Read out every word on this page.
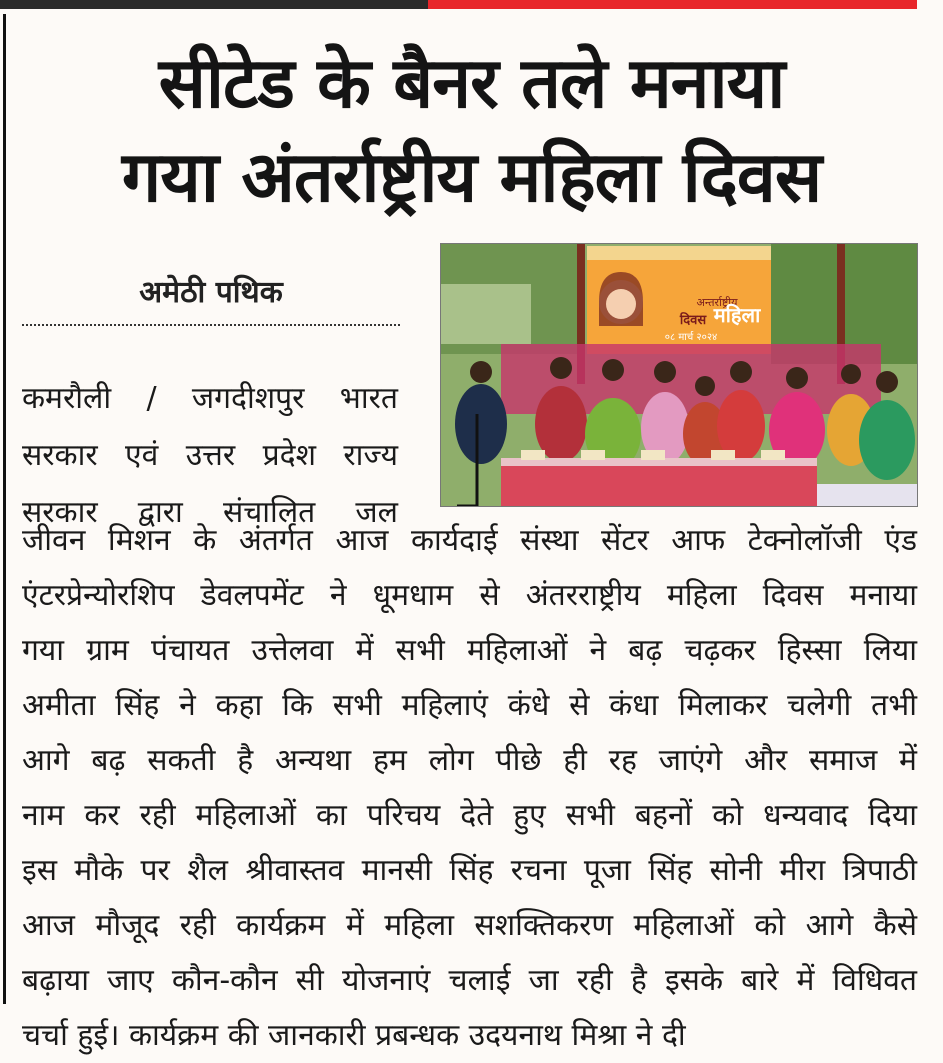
सीटेड के बैनर तले मनाया
गया अंतर्राष्ट्रीय महिला दिवस
अमेठी पथिक	अन्तर्राष्ट्रीय
महिला
दिवस
०८ मार्च २०२४

कमरौली / जगदीशपुर भारत
सरकार एवं उत्तर प्रदेश राज्य
सरकार द्वारा संचालित जल

जीवन मिशन के अंतर्गत आज कार्यदाई संस्था सेंटर आफ टेक्नोलॉजी एंड
एंटरप्रेन्योरशिप डेवलपमेंट ने धूमधाम से अंतरराष्ट्रीय महिला दिवस मनाया
गया ग्राम पंचायत उत्तेलवा में सभी महिलाओं ने बढ़ चढ़कर हिस्सा लिया
अमीता सिंह ने कहा कि सभी महिलाएं कंधे से कंधा मिलाकर चलेगी तभी
आगे बढ़ सकती है अन्यथा हम लोग पीछे ही रह जाएंगे और समाज में
नाम कर रही महिलाओं का परिचय देते हुए सभी बहनों को धन्यवाद दिया
इस मौके पर शैल श्रीवास्तव मानसी सिंह रचना पूजा सिंह सोनी मीरा त्रिपाठी
आज मौजूद रही कार्यक्रम में महिला सशक्तिकरण महिलाओं को आगे कैसे
बढ़ाया जाए कौन-कौन सी योजनाएं चलाई जा रही है इसके बारे में विधिवत
चर्चा हुई। कार्यक्रम की जानकारी प्रबन्धक उदयनाथ मिश्रा ने दी
